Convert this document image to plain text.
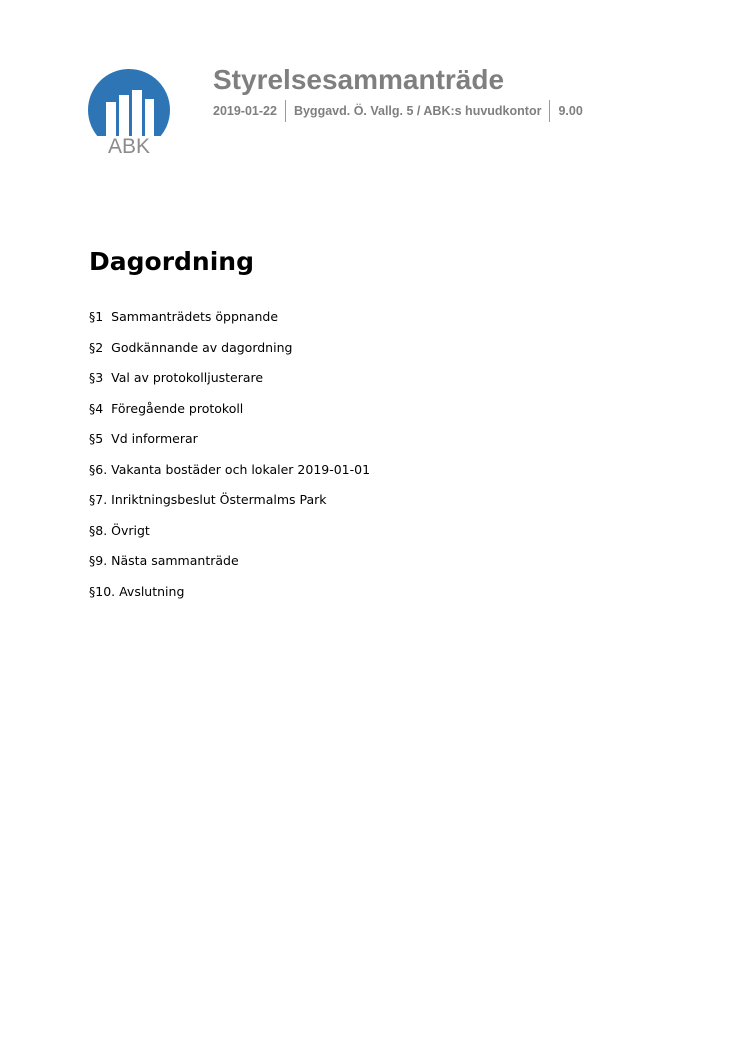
ABK
Styrelsesammanträde
2019-01-22 Byggavd. Ö. Vallg. 5 / ABK:s huvudkontor 9.00
Dagordning
§1  Sammanträdets öppnande
§2  Godkännande av dagordning
§3  Val av protokolljusterare
§4  Föregående protokoll
§5  Vd informerar
§6. Vakanta bostäder och lokaler 2019-01-01
§7. Inriktningsbeslut Östermalms Park
§8. Övrigt
§9. Nästa sammanträde
§10. Avslutning
